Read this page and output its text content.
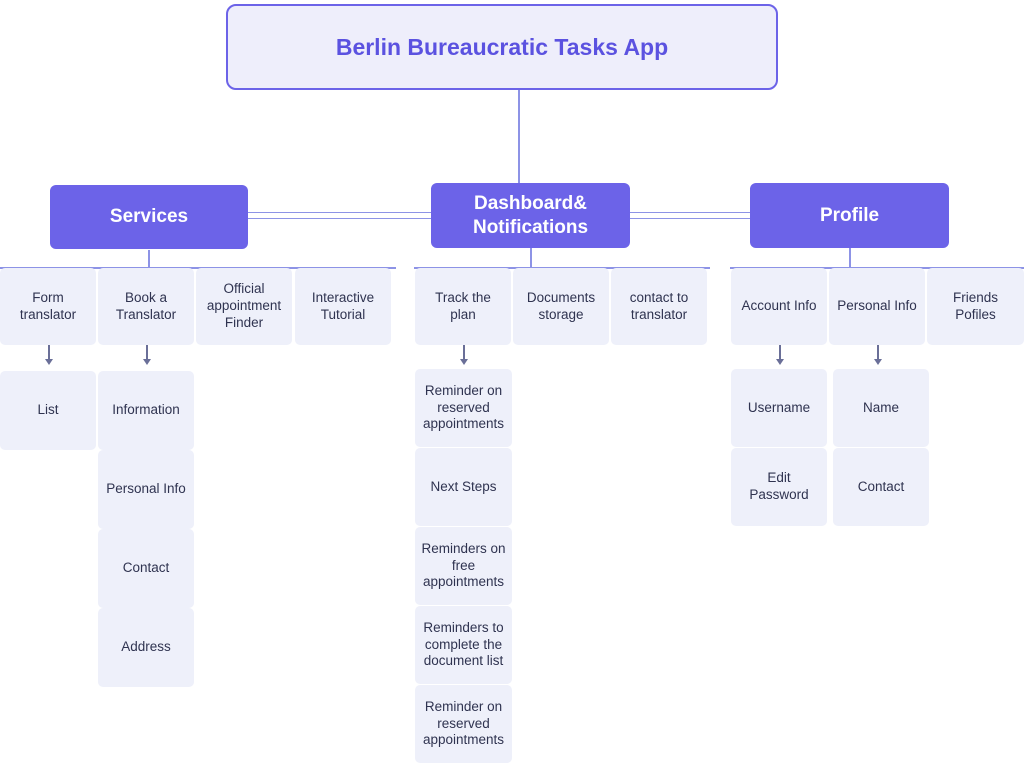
Berlin Bureaucratic Tasks App
Services
Dashboard& Notifications
Profile
Form translator
Book a Translator
Official appointment Finder
Interactive Tutorial
Track the plan
Documents storage
contact to translator
Account Info	Personal Info
Friends Pofiles
List	Information
Personal Info
Contact
Address
Reminder on reserved appointments
Next Steps
Reminders on free appointments
Reminders to complete the document list
Reminder on reserved appointments
Username
Edit Password
Name
Contact
